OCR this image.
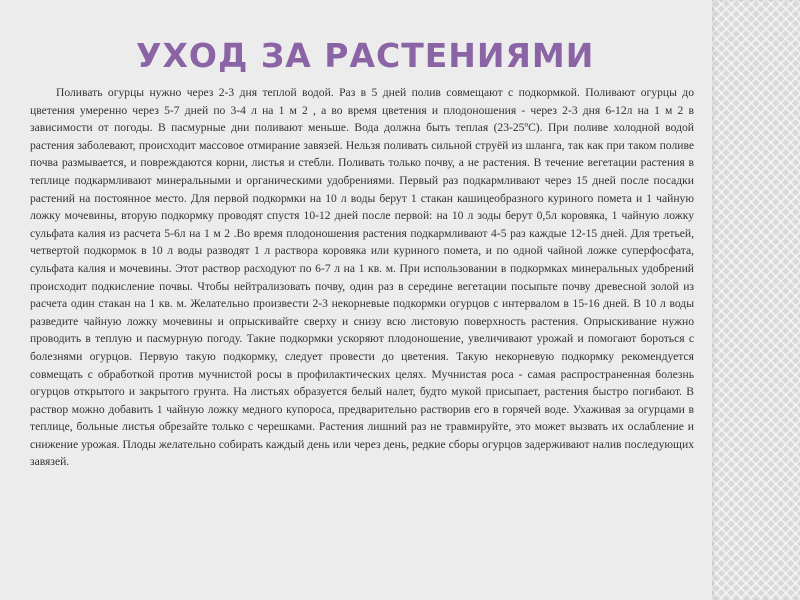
УХОД ЗА РАСТЕНИЯМИ

Поливать огурцы нужно через 2-3 дня теплой водой. Раз в 5 дней полив совмещают с подкормкой. Поливают огурцы до цветения умеренно через 5-7 дней по 3-4 л на 1 м 2 , а во время цветения и плодоношения - через 2-3 дня 6-12л на 1 м 2 в зависимости от погоды. В пасмурные дни поливают меньше. Вода должна быть теплая (23-25ºC). При поливе холодной водой растения заболевают, происходит массовое отмирание завязей. Нельзя поливать сильной струёй из шланга, так как при таком поливе почва размывается, и повреждаются корни, листья и стебли. Поливать только почву, а не растения. В течение вегетации растения в теплице подкармливают минеральными и органическими удобрениями. Первый раз подкармливают через 15 дней после посадки растений на постоянное место. Для первой подкормки на 10 л воды берут 1 стакан кашицеобразного куриного помета и 1 чайную ложку мочевины, вторую подкормку проводят спустя 10-12 дней после первой: на 10 л зоды берут 0,5л коровяка, 1 чайную ложку сульфата калия из расчета 5-6л на 1 м 2 .Во время плодоношения растения подкармливают 4-5 раз каждые 12-15 дней. Для третьей, четвертой подкормок в 10 л воды разводят 1 л раствора коровяка или куриного помета, и по одной чайной ложке суперфосфата, сульфата калия и мочевины. Этот раствор расходуют по 6-7 л на 1 кв. м. При использовании в подкормках минеральных удобрений происходит подкисление почвы. Чтобы нейтрализовать почву, один раз в середине вегетации посыпьте почву древесной золой из расчета один стакан на 1 кв. м. Желательно произвести 2-3 некорневые подкормки огурцов с интервалом в 15-16 дней. В 10 л воды разведите чайную ложку мочевины и опрыскивайте сверху и снизу всю листовую поверхность растения. Опрыскивание нужно проводить в теплую и пасмурную погоду. Такие подкормки ускоряют плодоношение, увеличивают урожай и помогают бороться с болезнями огурцов. Первую такую подкормку, следует провести до цветения. Такую некорневую подкормку рекомендуется совмещать с обработкой против мучнистой росы в профилактических целях. Мучнистая роса - самая распространенная болезнь огурцов открытого и закрытого грунта. На листьях образуется белый налет, будто мукой присыпает, растения быстро погибают. В раствор можно добавить 1 чайную ложку медного купороса, предварительно растворив его в горячей воде. Ухаживая за огурцами в теплице, больные листья обрезайте только с черешками. Растения лишний раз не травмируйте, это может вызвать их ослабление и снижение урожая. Плоды желательно собирать каждый день или через день, редкие сборы огурцов задерживают налив последующих завязей.
